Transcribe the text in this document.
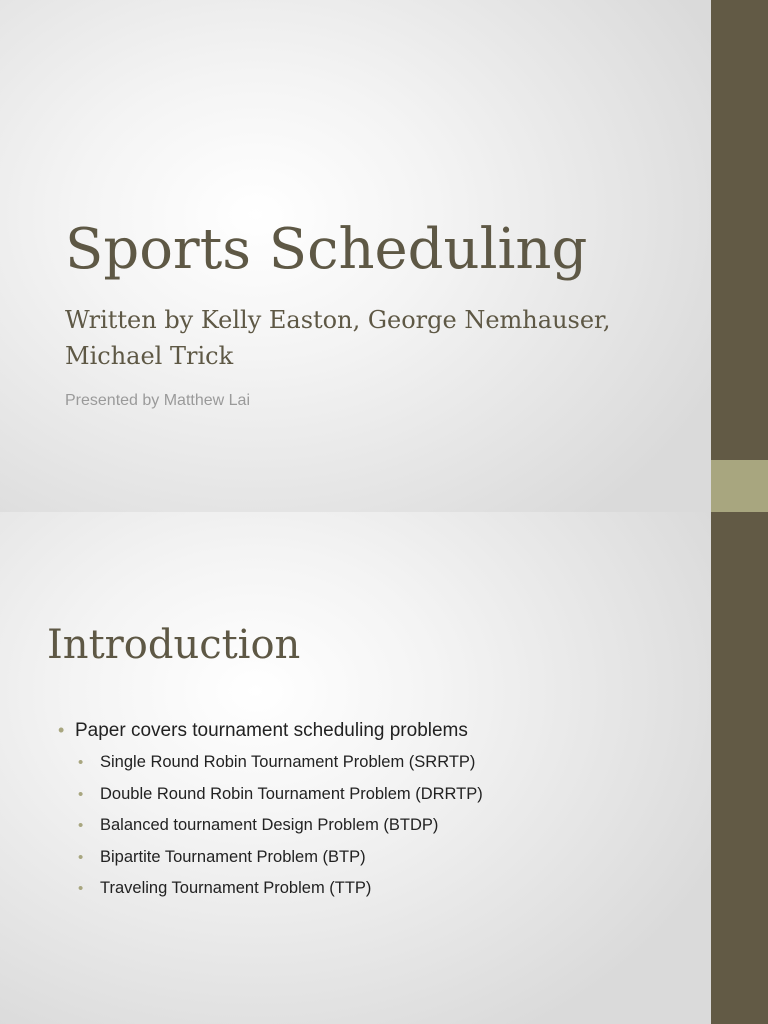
Sports Scheduling

Written by Kelly Easton, George Nemhauser, Michael Trick

Presented by Matthew Lai
Introduction
• Paper covers tournament scheduling problems
•	Single Round Robin Tournament Problem (SRRTP)
•	Double Round Robin Tournament Problem (DRRTP)
•	Balanced tournament Design Problem (BTDP)
•	Bipartite Tournament Problem (BTP)
•	Traveling Tournament Problem (TTP)
